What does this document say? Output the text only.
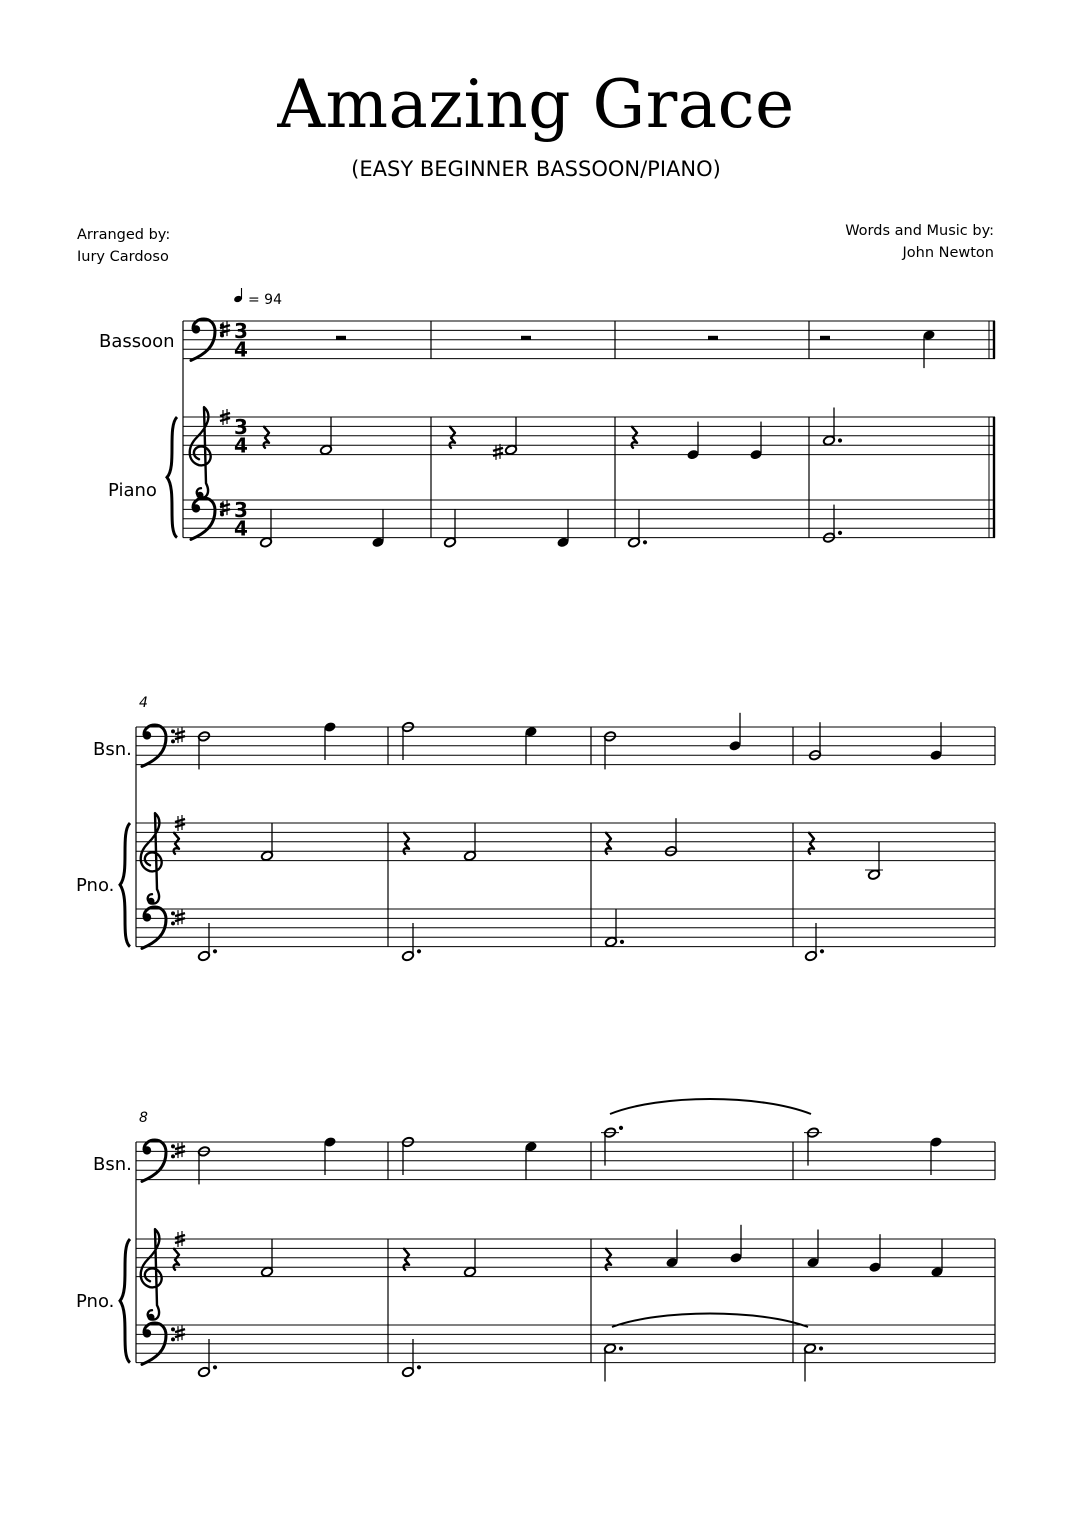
Amazing Grace
(EASY BEGINNER BASSOON/PIANO)
Arranged by:
Iury Cardoso
Words and Music by:
John Newton
= 94
Bassoon
Piano
3
4
3
4
3
4
4
Bsn.
Pno.
8
Bsn.
Pno.
